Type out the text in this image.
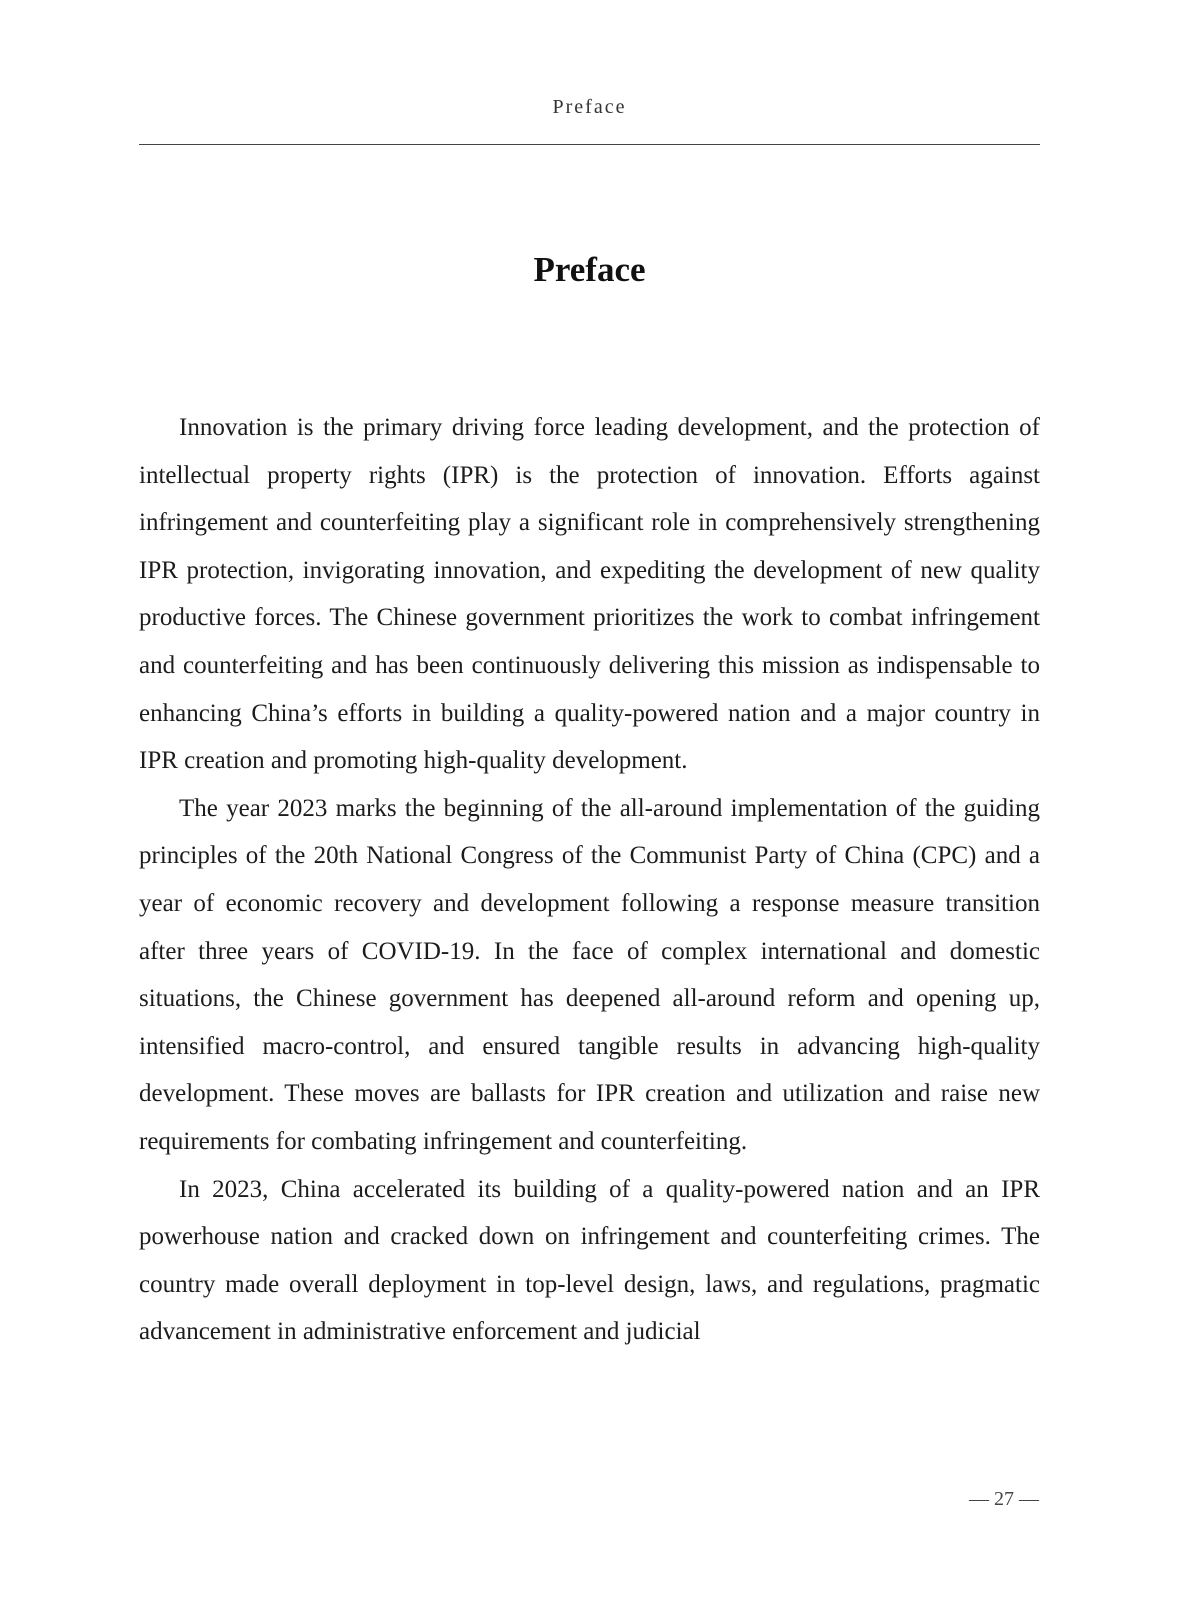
Preface
Preface

Innovation is the primary driving force leading development, and the protection of intellectual property rights (IPR) is the protection of innovation. Efforts against infringement and counterfeiting play a significant role in comprehensively strengthening IPR protection, invigorating innovation, and expediting the development of new quality productive forces. The Chinese government prioritizes the work to combat infringement and counterfeiting and has been continuously delivering this mission as indispensable to enhancing China’s efforts in building a quality-powered nation and a major country in IPR creation and promoting high-quality development.

The year 2023 marks the beginning of the all-around implementation of the guiding principles of the 20th National Congress of the Communist Party of China (CPC) and a year of economic recovery and development following a response measure transition after three years of COVID-19. In the face of complex international and domestic situations, the Chinese government has deepened all-around reform and opening up, intensified macro-control, and ensured tangible results in advancing high-quality development. These moves are ballasts for IPR creation and utilization and raise new requirements for combating infringement and counterfeiting.

In 2023, China accelerated its building of a quality-powered nation and an IPR powerhouse nation and cracked down on infringement and counterfeiting crimes. The country made overall deployment in top-level design, laws, and regulations, pragmatic advancement in administrative enforcement and judicial

— 27 —
